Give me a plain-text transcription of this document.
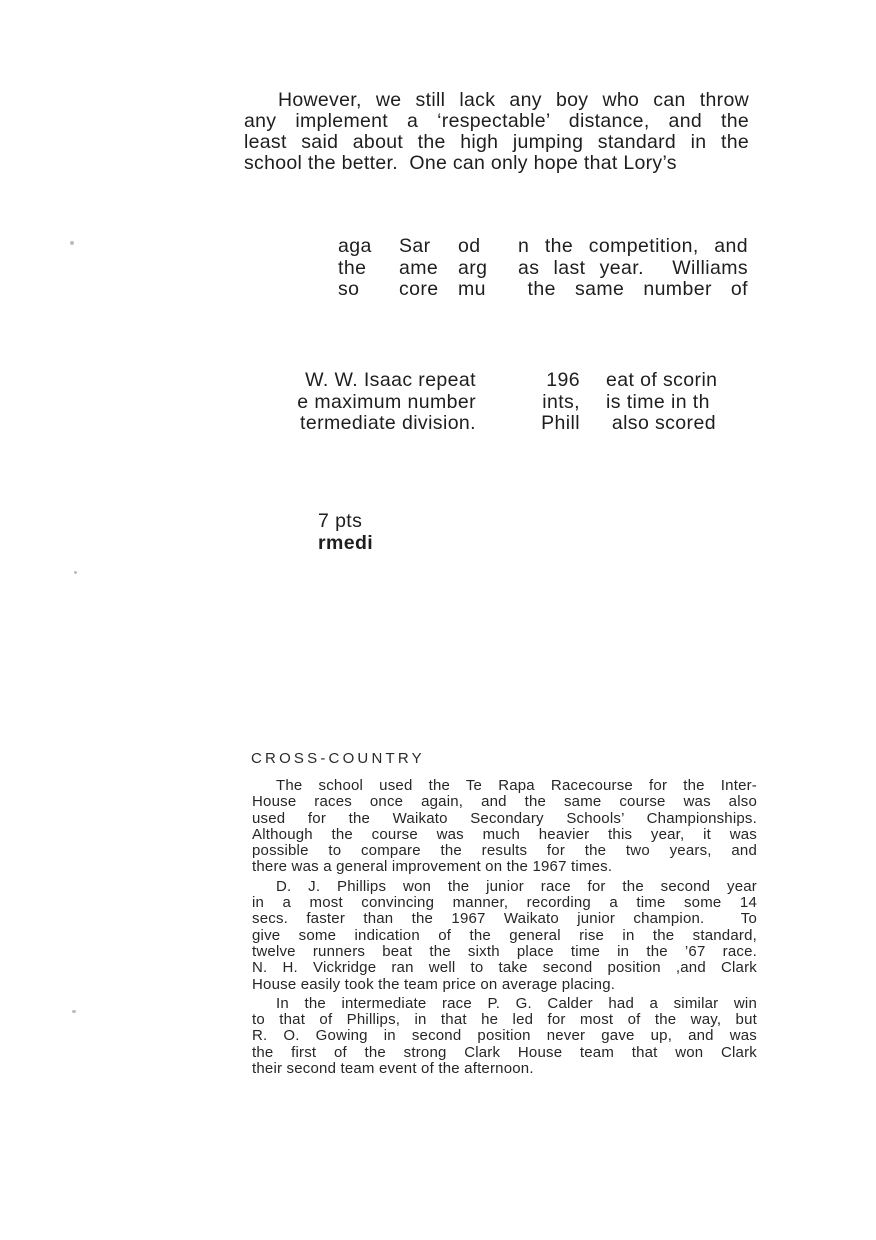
However, we still lack any boy who can throw
any implement a ‘respectable’ distance, and the
least said about the high jumping standard in the
school the better.  One can only hope that Lory’s
aga
the
so
Sar
ame
core
od
arg
mu
n the competition, and
as last year.  Williams
the  same  number  of
W. W. Isaac repeat
e maximum number
termediate division.
196
ints,
Phill
eat of scorin
is time in th
also scored
7 pts
rmedi
CROSS-COUNTRY
The school used the Te Rapa Racecourse for the Inter-
House races once again, and the same course was also
used for the Waikato Secondary Schools’ Championships.
Although the course was much heavier this year, it was
possible to compare the results for the two years, and
there was a general improvement on the 1967 times.
D. J. Phillips won the junior race for the second year
in a most convincing manner, recording a time some 14
secs. faster than the 1967 Waikato junior champion.  To
give some indication of the general rise in the standard,
twelve runners beat the sixth place time in the ’67 race.
N. H. Vickridge ran well to take second position ,and Clark
House easily took the team price on average placing.
In the intermediate race P. G. Calder had a similar win
to that of Phillips, in that he led for most of the way, but
R. O. Gowing in second position never gave up, and was
the first of the strong Clark House team that won Clark
their second team event of the afternoon.
